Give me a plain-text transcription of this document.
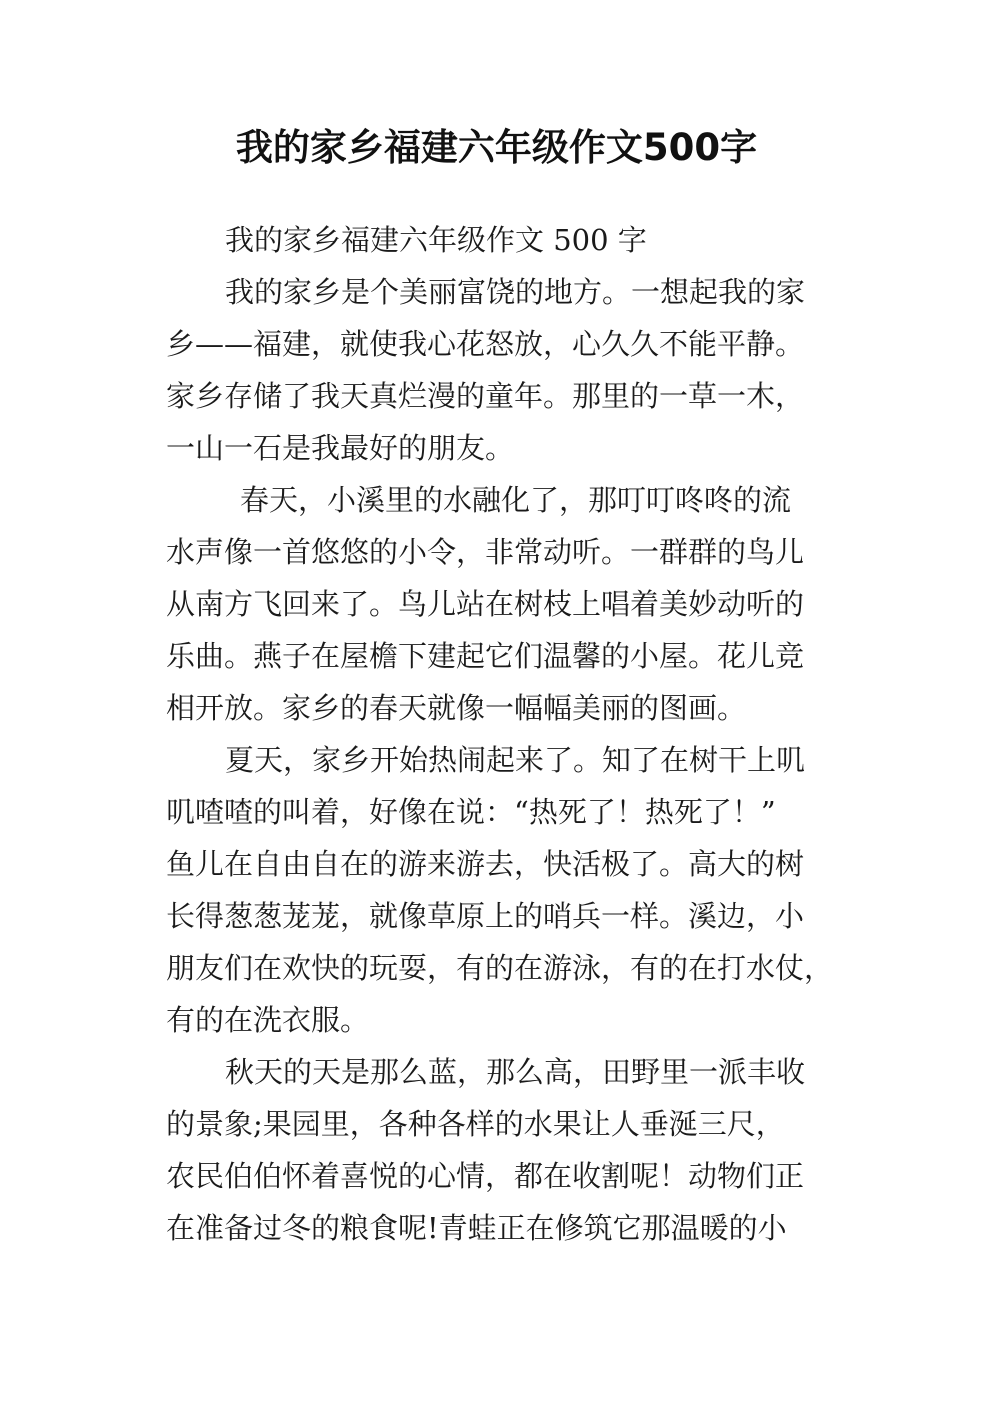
我的家乡福建六年级作文500字
我的家乡福建六年级作文 500 字
我的家乡是个美丽富饶的地方。一想起我的家
乡——福建，就使我心花怒放，心久久不能平静。
家乡存储了我天真烂漫的童年。那里的一草一木，
一山一石是我最好的朋友。
春天，小溪里的水融化了，那叮叮咚咚的流
水声像一首悠悠的小令，非常动听。一群群的鸟儿
从南方飞回来了。鸟儿站在树枝上唱着美妙动听的
乐曲。燕子在屋檐下建起它们温馨的小屋。花儿竞
相开放。家乡的春天就像一幅幅美丽的图画。
夏天，家乡开始热闹起来了。知了在树干上叽
叽喳喳的叫着，好像在说：“热死了！热死了！”
鱼儿在自由自在的游来游去，快活极了。高大的树
长得葱葱茏茏，就像草原上的哨兵一样。溪边，小
朋友们在欢快的玩耍，有的在游泳，有的在打水仗，
有的在洗衣服。
秋天的天是那么蓝，那么高，田野里一派丰收
的景象;果园里，各种各样的水果让人垂涎三尺，
农民伯伯怀着喜悦的心情，都在收割呢！动物们正
在准备过冬的粮食呢!青蛙正在修筑它那温暖的小
